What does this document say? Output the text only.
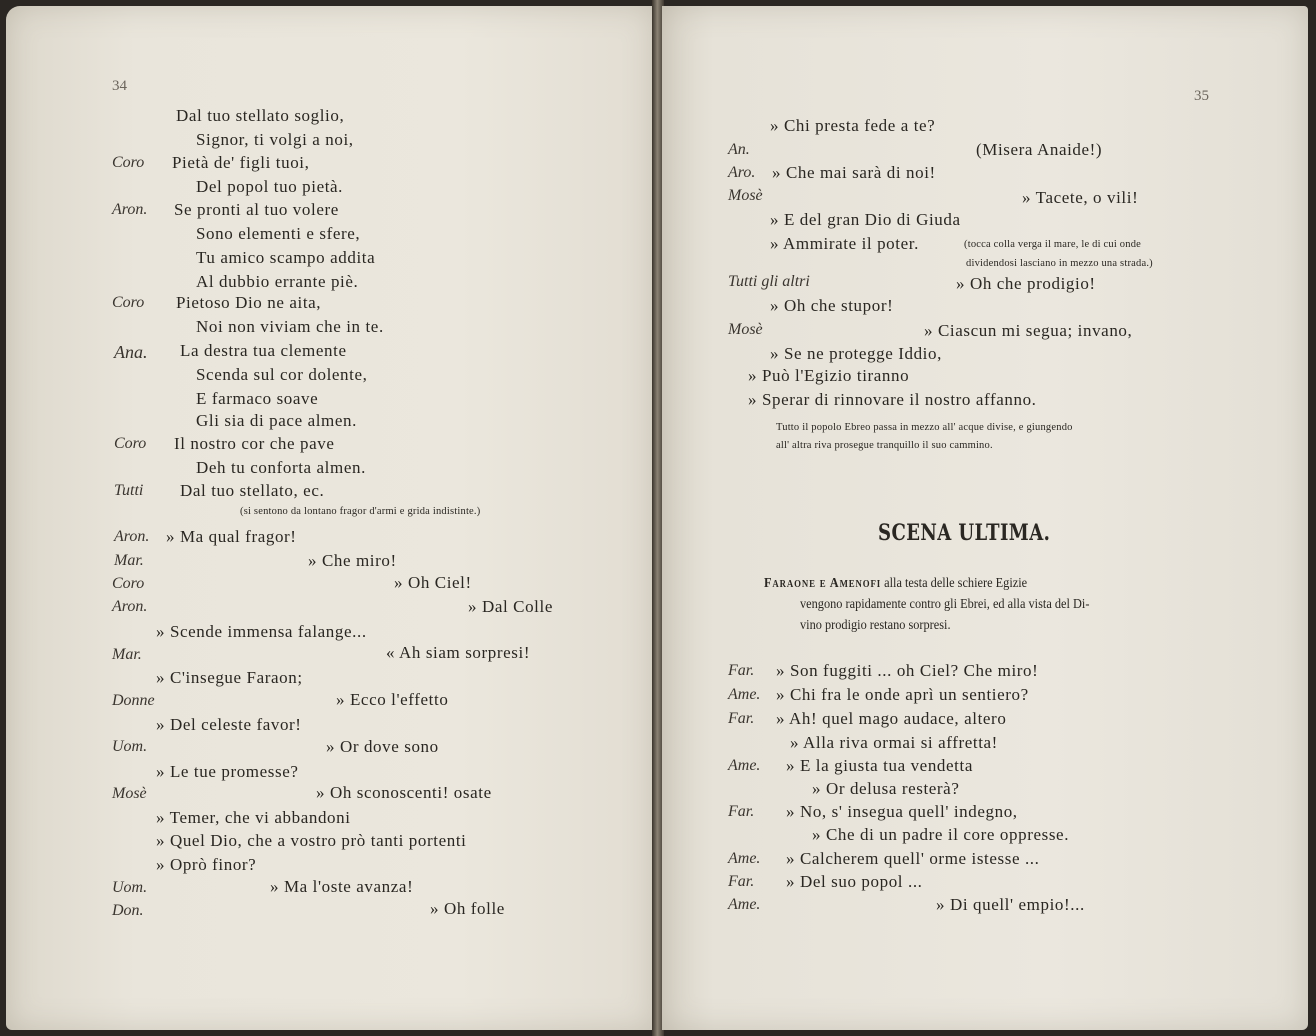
34
Dal tuo stellato soglio,
Signor, ti volgi a noi,
Coro Pietà de' figli tuoi,
Del popol tuo pietà.
Aron. Se pronti al tuo volere
Sono elementi e sfere,
Tu amico scampo addita
Al dubbio errante piè.
Coro Pietoso Dio ne aita,
Noi non viviam che in te.
Ana. La destra tua clemente
Scenda sul cor dolente,
E farmaco soave
Gli sia di pace almen.
Coro Il nostro cor che pave
Deh tu conforta almen.
Tutti Dal tuo stellato, ec.
(si sentono da lontano fragor d'armi e grida indistinte.)
Aron. » Ma qual fragor!
Mar.	» Che miro!
Coro	» Oh Ciel!
Aron.	» Dal Colle
» Scende immensa falange...
Mar.	« Ah siam sorpresi!
» C'insegue Faraon;
Donne	» Ecco l'effetto
» Del celeste favor!
Uom.	» Or dove sono
» Le tue promesse?
Mosè	» Oh sconoscenti! osate
» Temer, che vi abbandoni
» Quel Dio, che a vostro prò tanti portenti
» Oprò finor?
Uom.	» Ma l'oste avanza!
Don.	» Oh folle
35
» Chi presta fede a te?
An.	(Misera Anaide!)
Aro. » Che mai sarà di noi!
Mosè	» Tacete, o vili!
» E del gran Dio di Giuda
» Ammirate il poter.	(tocca colla verga il mare, le di cui onde
dividendosi lasciano in mezzo una strada.)
Tutti gli altri	» Oh che prodigio!
» Oh che stupor!
Mosè	» Ciascun mi segua; invano,
» Se ne protegge Iddio,
» Può l'Egizio tiranno
» Sperar di rinnovare il nostro affanno.
Tutto il popolo Ebreo passa in mezzo all' acque divise, e giungendo
all' altra riva prosegue tranquillo il suo cammino.
SCENA ULTIMA.
Faraone e Amenofi alla testa delle schiere Egizie
vengono rapidamente contro gli Ebrei, ed alla vista del Di-
vino prodigio restano sorpresi.
Far. » Son fuggiti ... oh Ciel? Che miro!
Ame. » Chi fra le onde aprì un sentiero?
Far. » Ah! quel mago audace, altero
» Alla riva ormai si affretta!
Ame. » E la giusta tua vendetta
» Or delusa resterà?
Far. » No, s' insegua quell' indegno,
» Che di un padre il core oppresse.
Ame. » Calcherem quell' orme istesse ...
Far. » Del suo popol ...
Ame.	» Di quell' empio!...
